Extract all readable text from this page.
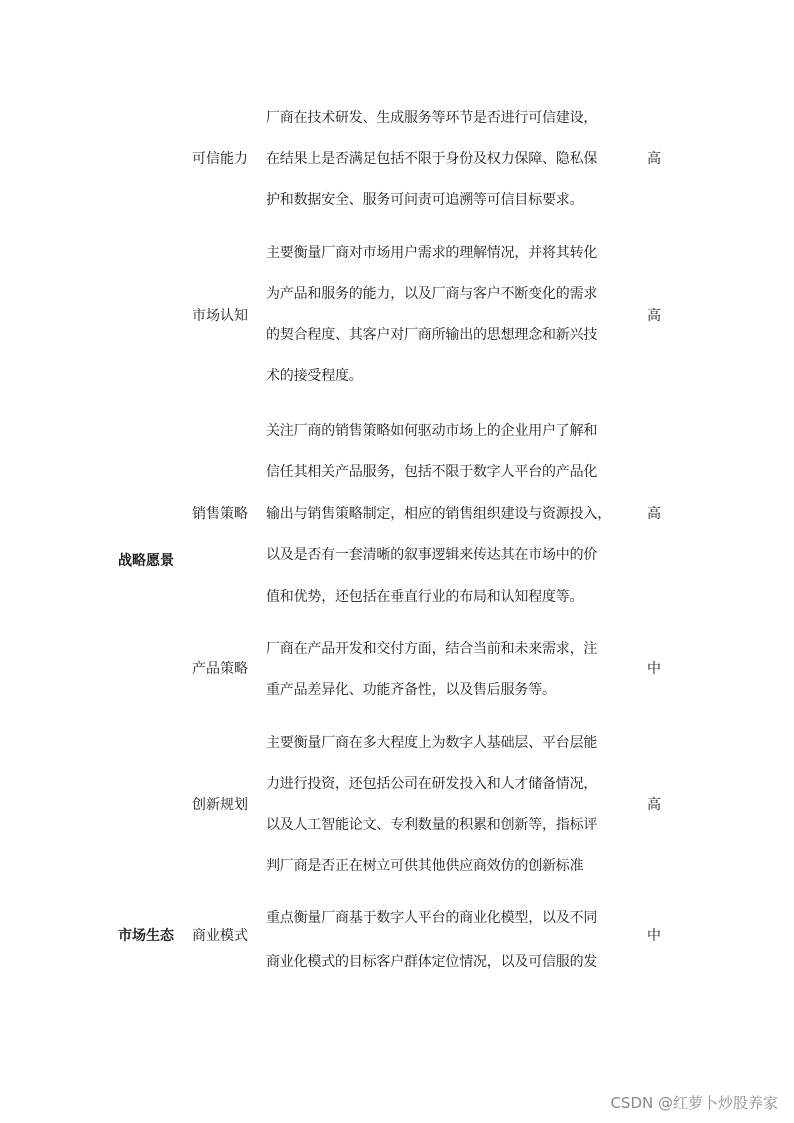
战略愿景
市场生态
可信能力
厂商在技术研发、生成服务等环节是否进行可信建设，
在结果上是否满足包括不限于身份及权力保障、隐私保
护和数据安全、服务可问责可追溯等可信目标要求。
高
市场认知
主要衡量厂商对市场用户需求的理解情况，并将其转化
为产品和服务的能力，以及厂商与客户不断变化的需求
的契合程度、其客户对厂商所输出的思想理念和新兴技
术的接受程度。
高
销售策略
关注厂商的销售策略如何驱动市场上的企业用户了解和
信任其相关产品服务，包括不限于数字人平台的产品化
输出与销售策略制定，相应的销售组织建设与资源投入，
以及是否有一套清晰的叙事逻辑来传达其在市场中的价
值和优势，还包括在垂直行业的布局和认知程度等。
高
产品策略
厂商在产品开发和交付方面，结合当前和未来需求，注
重产品差异化、功能齐备性，以及售后服务等。
中
创新规划
主要衡量厂商在多大程度上为数字人基础层、平台层能
力进行投资，还包括公司在研发投入和人才储备情况，
以及人工智能论文、专利数量的积累和创新等，指标评
判厂商是否正在树立可供其他供应商效仿的创新标准
高
商业模式
重点衡量厂商基于数字人平台的商业化模型，以及不同
商业化模式的目标客户群体定位情况，以及可信服的发
中
CSDN @红萝卜炒股养家
